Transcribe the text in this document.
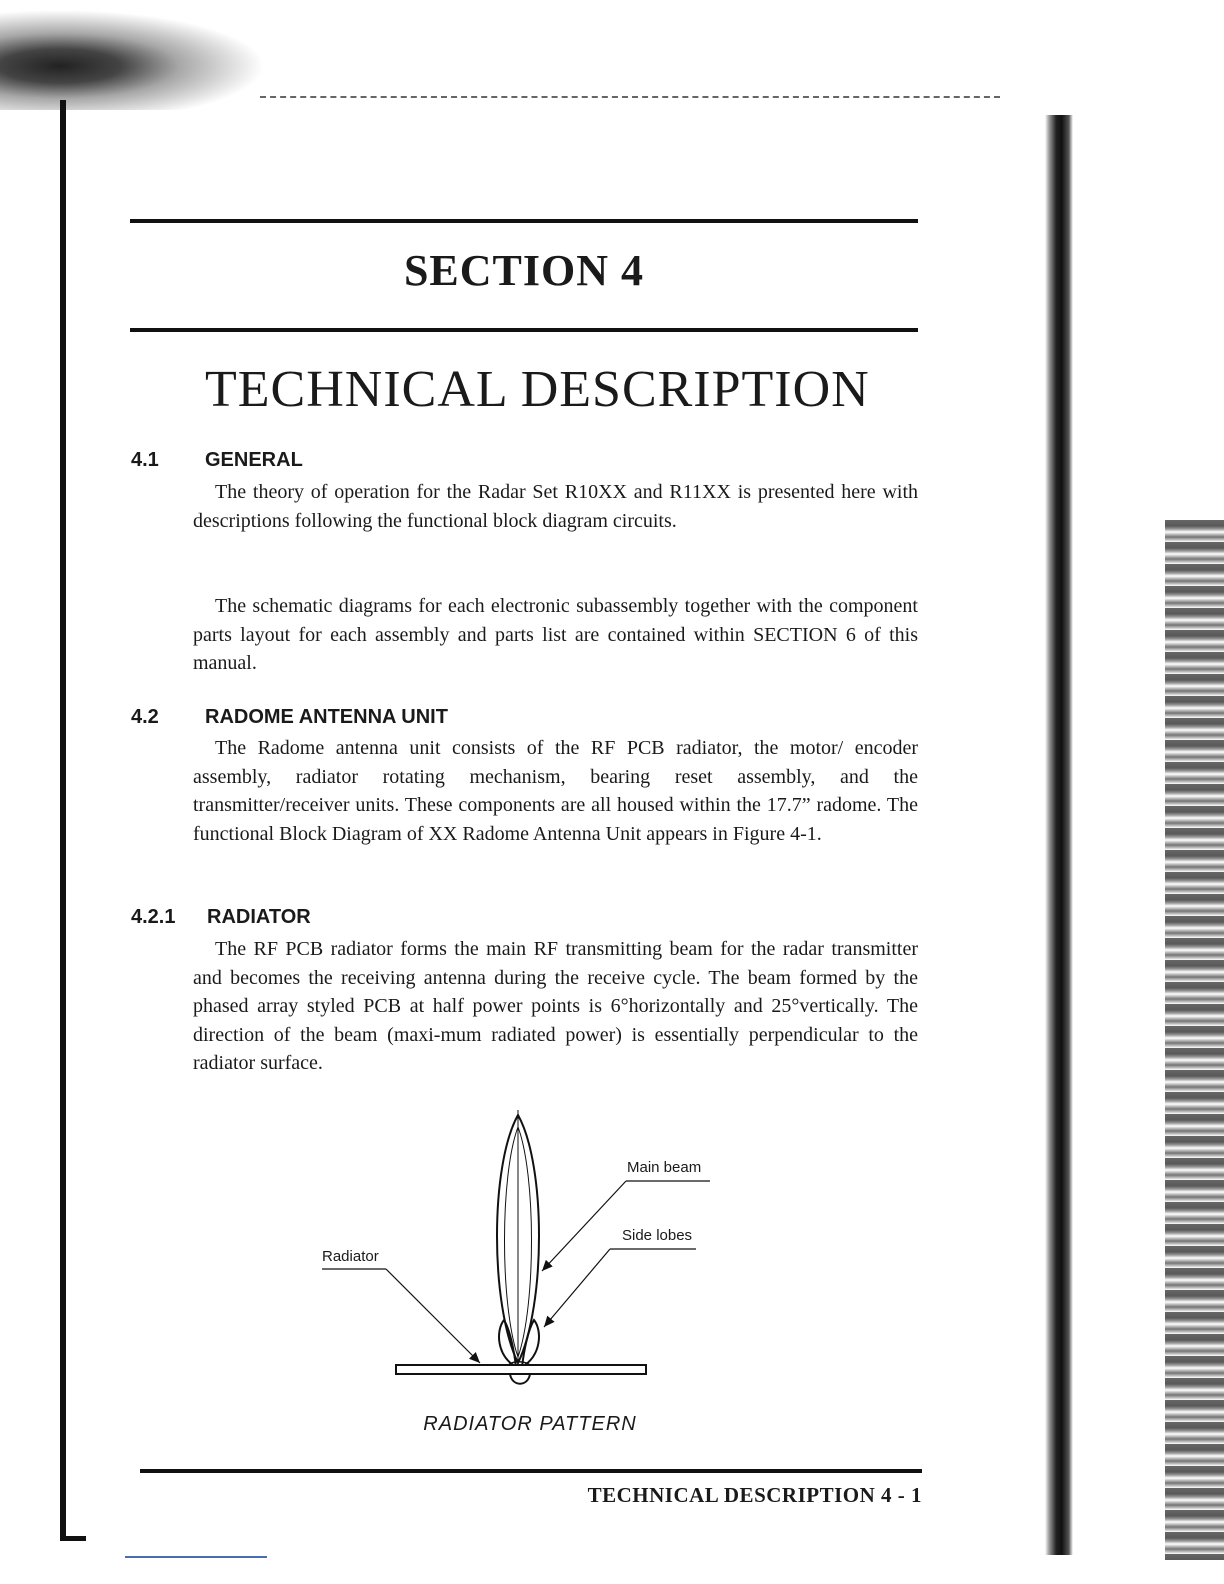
SECTION 4
TECHNICAL DESCRIPTION
4.1 GENERAL

The theory of operation for the Radar Set R10XX and R11XX is presented here with descriptions following the functional block diagram circuits.

The schematic diagrams for each electronic subassembly together with the component parts layout for each assembly and parts list are contained within SECTION 6 of this manual.

4.2 RADOME ANTENNA UNIT

The Radome antenna unit consists of the RF PCB radiator, the motor/ encoder assembly, radiator rotating mechanism, bearing reset assembly, and the transmitter/receiver units. These components are all housed within the 17.7” radome. The functional Block Diagram of XX Radome Antenna Unit appears in Figure 4-1.

4.2.1 RADIATOR

The RF PCB radiator forms the main RF transmitting beam for the radar transmitter and becomes the receiving antenna during the receive cycle. The beam formed by the phased array styled PCB at half power points is 6°horizontally and 25°vertically. The direction of the beam (maxi-mum radiated power) is essentially perpendicular to the radiator surface.

Main beam
Side lobes
Radiator
RADIATOR PATTERN
TECHNICAL DESCRIPTION 4 - 1
